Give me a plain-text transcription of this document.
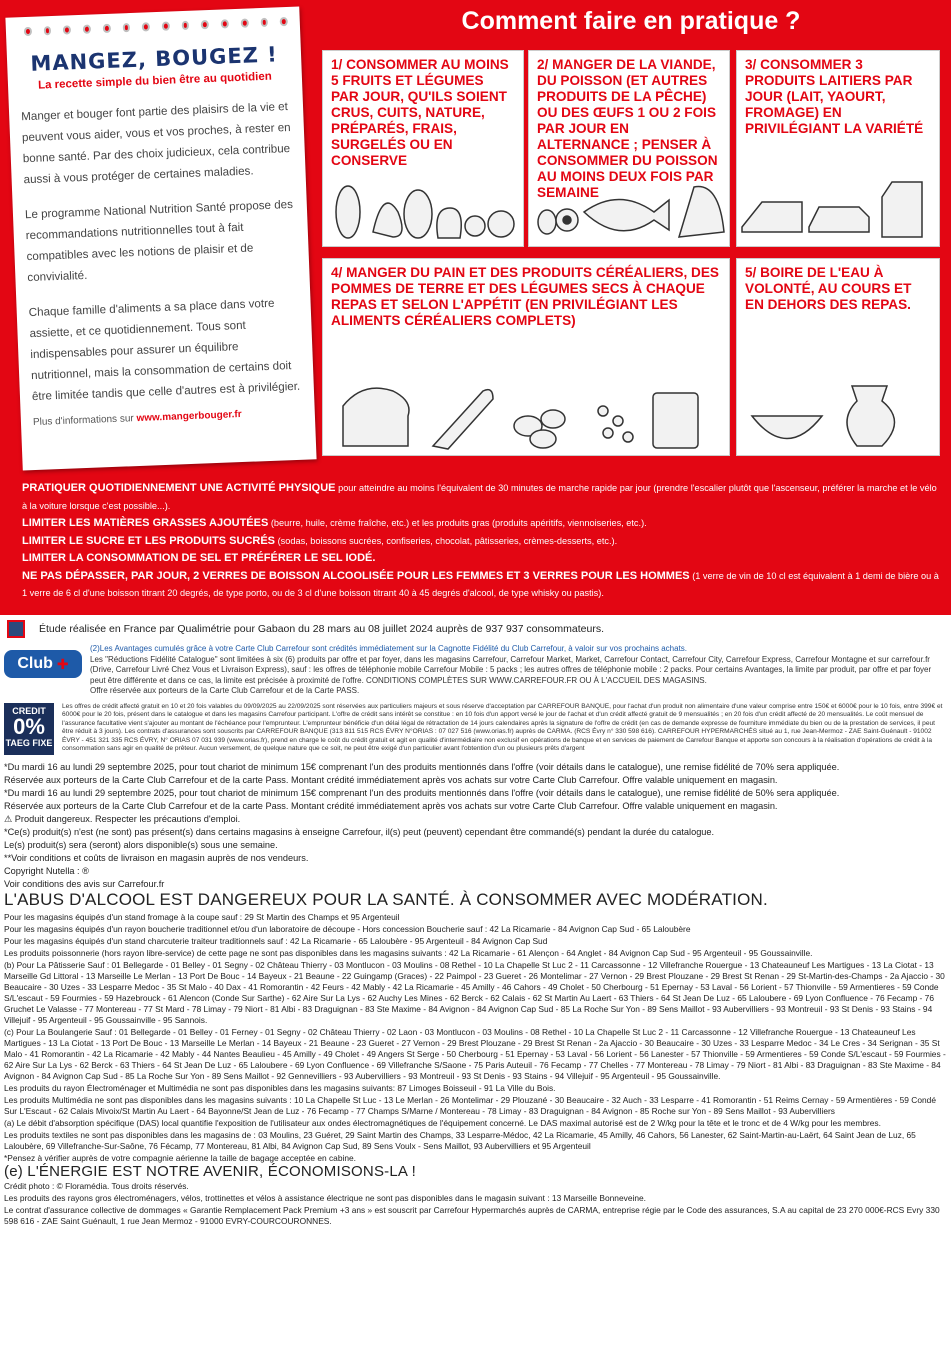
MANGEZ, BOUGEZ !
La recette simple du bien être au quotidien

Manger et bouger font partie des plaisirs de la vie et peuvent vous aider, vous et vos proches, à rester en bonne santé. Par des choix judicieux, cela contribue aussi à vous protéger de certaines maladies.

Le programme National Nutrition Santé propose des recommandations nutritionnelles tout à fait compatibles avec les notions de plaisir et de convivialité.

Chaque famille d'aliments a sa place dans votre assiette, et ce quotidiennement. Tous sont indispensables pour assurer un équilibre nutritionnel, mais la consommation de certains doit être limitée tandis que celle d'autres est à privilégier.

Plus d'informations sur www.mangerbouger.fr
Comment faire en pratique ?
1/ CONSOMMER AU MOINS 5 FRUITS ET LÉGUMES PAR JOUR, QU'ILS SOIENT CRUS, CUITS, NATURE, PRÉPARÉS, FRAIS, SURGELÉS OU EN CONSERVE
2/ MANGER DE LA VIANDE, DU POISSON (ET AUTRES PRODUITS DE LA PÊCHE) OU DES ŒUFS 1 OU 2 FOIS PAR JOUR EN ALTERNANCE ; PENSER À CONSOMMER DU POISSON AU MOINS DEUX FOIS PAR SEMAINE
3/ CONSOMMER 3 PRODUITS LAITIERS PAR JOUR (LAIT, YAOURT, FROMAGE) EN PRIVILÉGIANT LA VARIÉTÉ
4/ MANGER DU PAIN ET DES PRODUITS CÉRÉALIERS, DES POMMES DE TERRE ET DES LÉGUMES SECS À CHAQUE REPAS ET SELON L'APPÉTIT (EN PRIVILÉGIANT LES ALIMENTS CÉRÉALIERS COMPLETS)
5/ BOIRE DE L'EAU À VOLONTÉ, AU COURS ET EN DEHORS DES REPAS.
PRATIQUER QUOTIDIENNEMENT UNE ACTIVITÉ PHYSIQUE pour atteindre au moins l'équivalent de 30 minutes de marche rapide par jour (prendre l'escalier plutôt que l'ascenseur, préférer la marche et le vélo à la voiture lorsque c'est possible...).
LIMITER LES MATIÈRES GRASSES AJOUTÉES (beurre, huile, crème fraîche, etc.) et les produits gras (produits apéritifs, viennoiseries, etc.).
LIMITER LE SUCRE ET LES PRODUITS SUCRÉS (sodas, boissons sucrées, confiseries, chocolat, pâtisseries, crèmes-desserts, etc.).
LIMITER LA CONSOMMATION DE SEL ET PRÉFÉRER LE SEL IODÉ.
NE PAS DÉPASSER, PAR JOUR, 2 VERRES DE BOISSON ALCOOLISÉE POUR LES FEMMES ET 3 VERRES POUR LES HOMMES (1 verre de vin de 10 cl est équivalent à 1 demi de bière ou à 1 verre de 6 cl d'une boisson titrant 20 degrés, de type porto, ou de 3 cl d'une boisson titrant 40 à 45 degrés d'alcool, de type whisky ou pastis).
Étude réalisée en France par Qualimétrie pour Gabaon du 28 mars au 08 juillet 2024 auprès de 937 937 consommateurs.
Club ✚
(2)Les Avantages cumulés grâce à votre Carte Club Carrefour sont crédités immédiatement sur la Cagnotte Fidélité du Club Carrefour, à valoir sur vos prochains achats.
Les "Réductions Fidélité Catalogue" sont limitées à six (6) produits par offre et par foyer, dans les magasins Carrefour, Carrefour Market, Market, Carrefour Contact, Carrefour City, Carrefour Express, Carrefour Montagne et sur carrefour.fr (Drive, Carrefour Livré Chez Vous et Livraison Express), sauf : les offres de téléphonie mobile Carrefour Mobile : 5 packs ; les autres offres de téléphonie mobile : 2 packs. Pour certains Avantages, la limite par produit, par offre et par foyer peut être différente et dans ce cas, la limite est précisée à proximité de l'offre. CONDITIONS COMPLÈTES SUR WWW.CARREFOUR.FR OU À L'ACCUEIL DES MAGASINS.
Offre réservée aux porteurs de la Carte Club Carrefour et de la Carte PASS.
CREDIT
0%
TAEG FIXE
Les offres de crédit affecté gratuit en 10 et 20 fois valables du 09/09/2025 au 22/09/2025 sont réservées aux particuliers majeurs et sous réserve d'acceptation par CARREFOUR BANQUE, pour l'achat d'un produit non alimentaire d'une valeur comprise entre 150€ et 6000€ pour le 10 fois, entre 399€ et 6000€ pour le 20 fois, présent dans le catalogue et dans les magasins Carrefour participant. L'offre de crédit sans intérêt se constitue : en 10 fois d'un apport versé le jour de l'achat et d'un crédit affecté gratuit de 9 mensualités ; en 20 fois d'un crédit affecté de 20 mensualités. Le coût mensuel de l'assurance facultative vient s'ajouter au montant de l'échéance pour l'emprunteur. L'emprunteur bénéficie d'un délai légal de rétractation de 14 jours calendaires après la signature de l'offre de crédit (en cas de demande expresse de fourniture immédiate du bien ou de la prestation de services, il peut être réduit à 3 jours). Les contrats d'assurances sont souscrits par CARREFOUR BANQUE (313 811 515 RCS ÉVRY N°ORIAS : 07 027 516 (www.orias.fr) auprès de CARMA. (RCS Évry n° 330 598 616). CARREFOUR HYPERMARCHÉS situé au 1, rue Jean-Mermoz - ZAE Saint-Guénault - 91002 ÉVRY - 451 321 335 RCS ÉVRY, N° ORIAS 07 031 939 (www.orias.fr), prend en charge le coût du crédit gratuit et agit en qualité d'intermédiaire non exclusif en opérations de banque et en services de paiement de Carrefour Banque et apporte son concours à la réalisation d'opérations de crédit à la consommation sans agir en qualité de prêteur. Aucun versement, de quelque nature que ce soit, ne peut être exigé d'un particulier avant l'obtention d'un ou plusieurs prêts d'argent
*Du mardi 16 au lundi 29 septembre 2025, pour tout chariot de minimum 15€ comprenant l'un des produits mentionnés dans l'offre (voir détails dans le catalogue), une remise fidélité de 70% sera appliquée.
Réservée aux porteurs de la Carte Club Carrefour et de la carte Pass. Montant crédité immédiatement après vos achats sur votre Carte Club Carrefour. Offre valable uniquement en magasin.
*Du mardi 16 au lundi 29 septembre 2025, pour tout chariot de minimum 15€ comprenant l'un des produits mentionnés dans l'offre (voir détails dans le catalogue), une remise fidélité de 50% sera appliquée.
Réservée aux porteurs de la Carte Club Carrefour et de la carte Pass. Montant crédité immédiatement après vos achats sur votre Carte Club Carrefour. Offre valable uniquement en magasin.
⚠ Produit dangereux. Respecter les précautions d'emploi.
*Ce(s) produit(s) n'est (ne sont) pas présent(s) dans certains magasins à enseigne Carrefour, il(s) peut (peuvent) cependant être commandé(s) pendant la durée du catalogue.
Le(s) produit(s) sera (seront) alors disponible(s) sous une semaine.
**Voir conditions et coûts de livraison en magasin auprès de nos vendeurs.
Copyright Nutella : ®
Voir conditions des avis sur Carrefour.fr
L'ABUS D'ALCOOL EST DANGEREUX POUR LA SANTÉ. À CONSOMMER AVEC MODÉRATION.
Pour les magasins équipés d'un stand fromage à la coupe sauf : 29 St Martin des Champs et 95 Argenteuil
Pour les magasins équipés d'un rayon boucherie traditionnel et/ou d'un laboratoire de découpe - Hors concession Boucherie sauf : 42 La Ricamarie - 84 Avignon Cap Sud - 65 Laloubère
Pour les magasins équipés d'un stand charcuterie traiteur traditionnels sauf : 42 La Ricamarie - 65 Laloubère - 95 Argenteuil - 84 Avignon Cap Sud
Les produits poissonnerie (hors rayon libre-service) de cette page ne sont pas disponibles dans les magasins suivants : 42 La Ricamarie - 61 Alençon - 64 Anglet - 84 Avignon Cap Sud - 95 Argenteuil - 95 Goussainville.
(b) Pour La Pâtisserie Sauf : 01 Bellegarde - 01 Belley - 01 Segny - 02 Château Thierry - 03 Montlucon - 03 Moulins - 08 Rethel - 10 La Chapelle St Luc 2 - 11 Carcassonne - 12 Villefranche Rouergue - 13 Chateauneuf Les Martigues - 13 La Ciotat - 13 Marseille Gd Littoral - 13 Marseille Le Merlan - 13 Port De Bouc - 14 Bayeux - 21 Beaune - 22 Guingamp (Graces) - 22 Paimpol - 23 Gueret - 26 Montelimar - 27 Vernon - 29 Brest Plouzane - 29 Brest St Renan - 29 St-Martin-des-Champs - 2a Ajaccio - 30 Beaucaire - 30 Uzes - 33 Lesparre Medoc - 35 St Malo - 40 Dax - 41 Romorantin - 42 Feurs - 42 Mably - 42 La Ricamarie - 45 Amilly - 46 Cahors - 49 Cholet - 50 Cherbourg - 51 Epernay - 53 Laval - 56 Lorient - 57 Thionville - 59 Armentieres - 59 Conde S/L'escaut - 59 Fourmies - 59 Hazebrouck - 61 Alencon (Conde Sur Sarthe) - 62 Aire Sur La Lys - 62 Auchy Les Mines - 62 Berck - 62 Calais - 62 St Martin Au Laert - 63 Thiers - 64 St Jean De Luz - 65 Laloubere - 69 Lyon Confluence - 76 Fecamp - 76 Gruchet Le Valasse - 77 Montereau - 77 St Mard - 78 Limay - 79 Niort - 81 Albi - 83 Draguignan - 83 Ste Maxime - 84 Avignon - 84 Avignon Cap Sud - 85 La Roche Sur Yon - 89 Sens Maillot - 93 Aubervilliers - 93 Montreuil - 93 St Denis - 93 Stains - 94 Villejuif - 95 Argenteuil - 95 Goussainville - 95 Sannois.
(c) Pour La Boulangerie Sauf : 01 Bellegarde - 01 Belley - 01 Ferney - 01 Segny - 02 Château Thierry - 02 Laon - 03 Montlucon - 03 Moulins - 08 Rethel - 10 La Chapelle St Luc 2 - 11 Carcassonne - 12 Villefranche Rouergue - 13 Chateauneuf Les Martigues - 13 La Ciotat - 13 Port De Bouc - 13 Marseille Le Merlan - 14 Bayeux - 21 Beaune - 23 Gueret - 27 Vernon - 29 Brest Plouzane - 29 Brest St Renan - 2a Ajaccio - 30 Beaucaire - 30 Uzes - 33 Lesparre Medoc - 34 Le Cres - 34 Serignan - 35 St Malo - 41 Romorantin - 42 La Ricamarie - 42 Mably - 44 Nantes Beaulieu - 45 Amilly - 49 Cholet - 49 Angers St Serge - 50 Cherbourg - 51 Epernay - 53 Laval - 56 Lorient - 56 Lanester - 57 Thionville - 59 Armentieres - 59 Conde S/L'escaut - 59 Fourmies - 62 Aire Sur La Lys - 62 Berck - 63 Thiers - 64 St Jean De Luz - 65 Laloubere - 69 Lyon Confluence - 69 Villefranche S/Saone - 75 Paris Auteuil - 76 Fecamp - 77 Chelles - 77 Montereau - 78 Limay - 79 Niort - 81 Albi - 83 Draguignan - 83 Ste Maxime - 84 Avignon - 84 Avignon Cap Sud - 85 La Roche Sur Yon - 89 Sens Maillot - 92 Gennevilliers - 93 Aubervilliers - 93 Montreuil - 93 St Denis - 93 Stains - 94 Villejuif - 95 Argenteuil - 95 Goussainville.
Les produits du rayon Électroménager et Multimédia ne sont pas disponibles dans les magasins suivants: 87 Limoges Boisseuil - 91 La Ville du Bois.
Les produits Multimédia ne sont pas disponibles dans les magasins suivants : 10 La Chapelle St Luc - 13 Le Merlan - 26 Montelimar - 29 Plouzané - 30 Beaucaire - 32 Auch - 33 Lesparre - 41 Romorantin - 51 Reims Cernay - 59 Armentières - 59 Condé Sur L'Escaut - 62 Calais Mivoix/St Martin Au Laert - 64 Bayonne/St Jean de Luz - 76 Fecamp - 77 Champs S/Marne / Montereau - 78 Limay - 83 Draguignan - 84 Avignon - 85 Roche sur Yon - 89 Sens Maillot - 93 Aubervilliers
(a) Le débit d'absorption spécifique (DAS) local quantifie l'exposition de l'utilisateur aux ondes électromagnétiques de l'équipement concerné. Le DAS maximal autorisé est de 2 W/kg pour la tête et le tronc et de 4 W/kg pour les membres.
Les produits textiles ne sont pas disponibles dans les magasins de : 03 Moulins, 23 Guéret, 29 Saint Martin des Champs, 33 Lesparre-Médoc, 42 La Ricamarie, 45 Amilly, 46 Cahors, 56 Lanester, 62 Saint-Martin-au-Laërt, 64 Saint Jean de Luz, 65 Laloubère, 69 Villefranche-Sur-Saône, 76 Fécamp, 77 Montereau, 81 Albi, 84 Avignon Cap Sud, 89 Sens Voulx - Sens Maillot, 93 Aubervilliers et 95 Argenteuil
*Pensez à vérifier auprès de votre compagnie aérienne la taille de bagage acceptée en cabine.
(e) L'ÉNERGIE EST NOTRE AVENIR, ÉCONOMISONS-LA !
Crédit photo : © Floramédia. Tous droits réservés.
Les produits des rayons gros électroménagers, vélos, trottinettes et vélos à assistance électrique ne sont pas disponibles dans le magasin suivant : 13 Marseille Bonneveine.
Le contrat d'assurance collective de dommages « Garantie Remplacement Pack Premium +3 ans » est souscrit par Carrefour Hypermarchés auprès de CARMA, entreprise régie par le Code des assurances, S.A au capital de 23 270 000€-RCS Evry 330 598 616 - ZAE Saint Guénault, 1 rue Jean Mermoz - 91000 EVRY-COURCOURONNES.
